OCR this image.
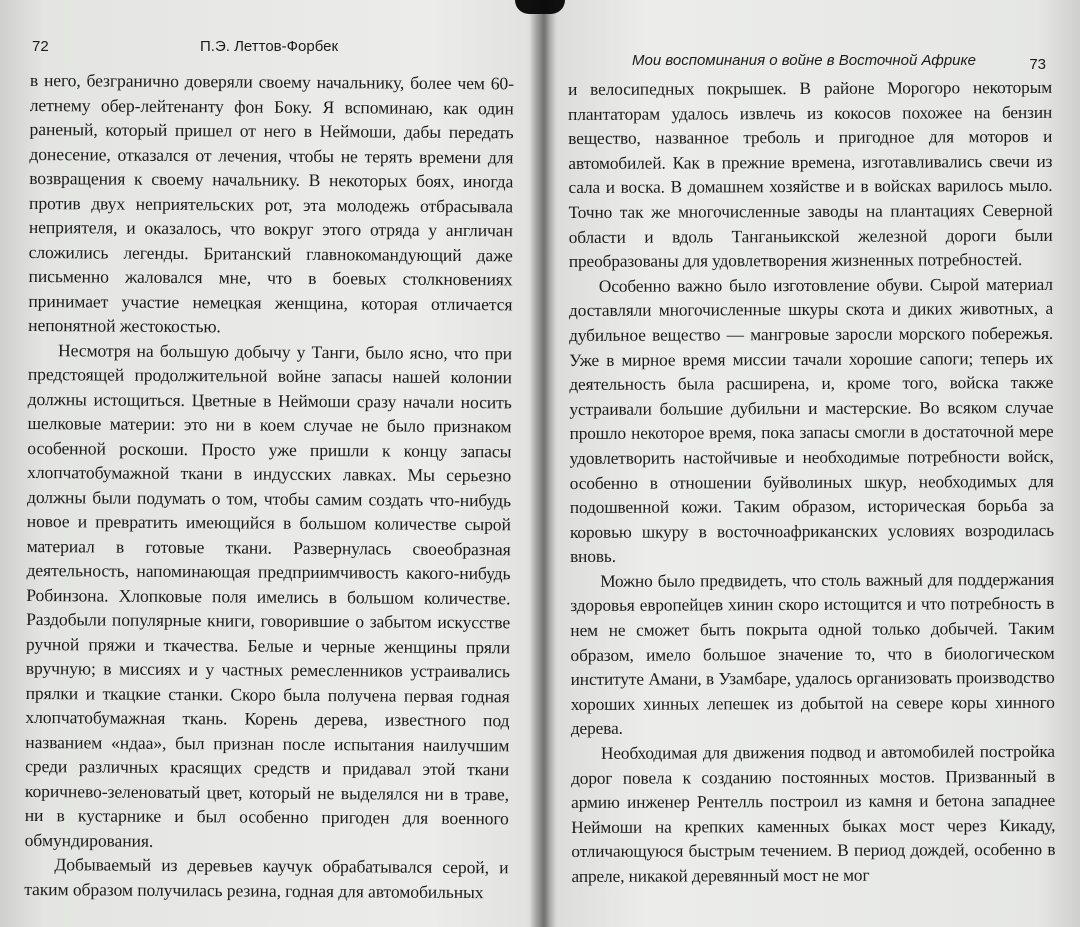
72	П.Э. Леттов-Форбек

в него, безгранично доверяли своему начальнику, более чем 60-летнему обер-лейтенанту фон Боку. Я вспоминаю, как один раненый, который пришел от него в Неймоши, дабы передать донесение, отказался от лечения, чтобы не терять времени для возвращения к своему начальнику. В некоторых боях, иногда против двух неприятельских рот, эта молодежь отбрасывала неприятеля, и оказалось, что вокруг этого отряда у англичан сложились легенды. Британский главнокомандующий даже письменно жаловался мне, что в боевых столкновениях принимает участие немецкая женщина, которая отличается непонятной жестокостью.

Несмотря на большую добычу у Танги, было ясно, что при предстоящей продолжительной войне запасы нашей колонии должны истощиться. Цветные в Неймоши сразу начали носить шелковые материи: это ни в коем случае не было признаком особенной роскоши. Просто уже пришли к концу запасы хлопчатобумажной ткани в индусских лавках. Мы серьезно должны были подумать о том, чтобы самим создать что-нибудь новое и превратить имеющийся в большом количестве сырой материал в готовые ткани. Развернулась своеобразная деятельность, напоминающая предприимчивость какого-нибудь Робинзона. Хлопковые поля имелись в большом количестве. Раздобыли популярные книги, говорившие о забытом искусстве ручной пряжи и ткачества. Белые и черные женщины пряли вручную; в миссиях и у частных ремесленников устраивались прялки и ткацкие станки. Скоро была получена первая годная хлопчатобумажная ткань. Корень дерева, известного под названием «ндаа», был признан после испытания наилучшим среди различных красящих средств и придавал этой ткани коричнево-зеленоватый цвет, который не выделялся ни в траве, ни в кустарнике и был особенно пригоден для военного обмундирования.

Добываемый из деревьев каучук обрабатывался серой, и таким образом получилась резина, годная для автомобильных

Мои воспоминания о войне в Восточной Африке	73

и велосипедных покрышек. В районе Морогоро некоторым плантаторам удалось извлечь из кокосов похожее на бензин вещество, названное треболь и пригодное для моторов и автомобилей. Как в прежние времена, изготавливались свечи из сала и воска. В домашнем хозяйстве и в войсках варилось мыло. Точно так же многочисленные заводы на плантациях Северной области и вдоль Танганьикской железной дороги были преобразованы для удовлетворения жизненных потребностей.

Особенно важно было изготовление обуви. Сырой материал доставляли многочисленные шкуры скота и диких животных, а дубильное вещество — мангровые заросли морского побережья. Уже в мирное время миссии тачали хорошие сапоги; теперь их деятельность была расширена, и, кроме того, войска также устраивали большие дубильни и мастерские. Во всяком случае прошло некоторое время, пока запасы смогли в достаточной мере удовлетворить настойчивые и необходимые потребности войск, особенно в отношении буйволиных шкур, необходимых для подошвенной кожи. Таким образом, историческая борьба за коровью шкуру в восточноафриканских условиях возродилась вновь.

Можно было предвидеть, что столь важный для поддержания здоровья европейцев хинин скоро истощится и что потребность в нем не сможет быть покрыта одной только добычей. Таким образом, имело большое значение то, что в биологическом институте Амани, в Узамбаре, удалось организовать производство хороших хинных лепешек из добытой на севере коры хинного дерева.

Необходимая для движения подвод и автомобилей постройка дорог повела к созданию постоянных мостов. Призванный в армию инженер Рентелль построил из камня и бетона западнее Неймоши на крепких каменных быках мост через Кикаду, отличающуюся быстрым течением. В период дождей, особенно в апреле, никакой деревянный мост не мог
